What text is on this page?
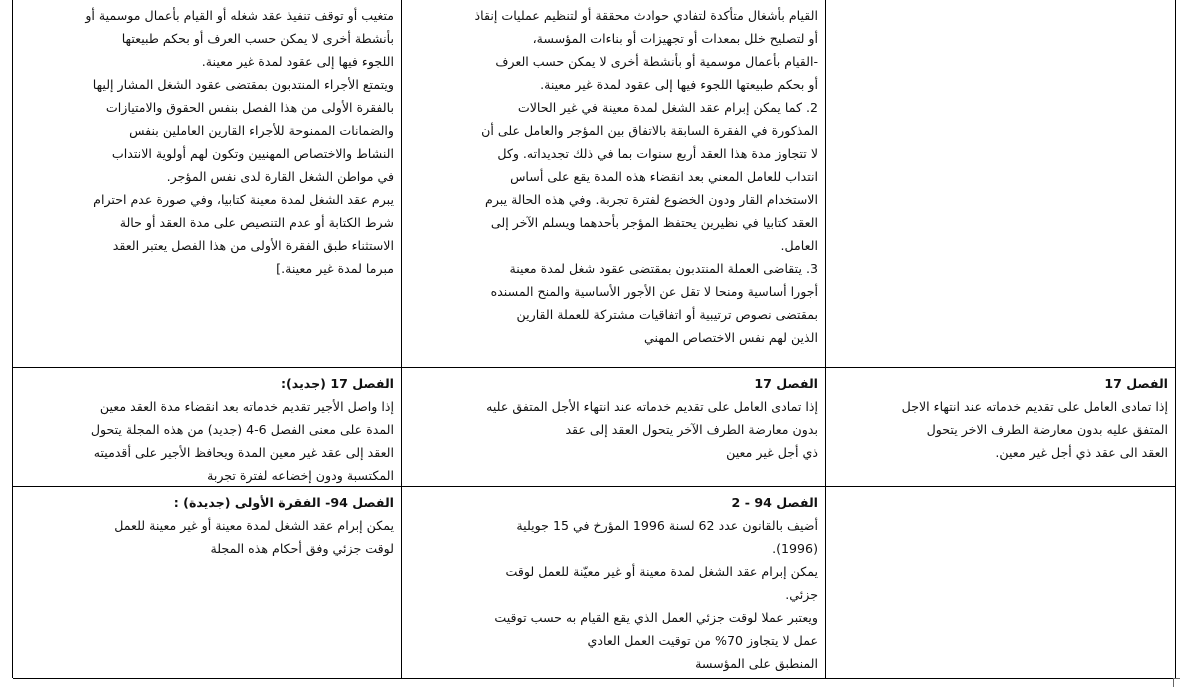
القيام بأشغال متأكدة لتفادي حوادث محققة أو لتنظيم عمليات إنقاذ

أو لتصليح خلل بمعدات أو تجهيزات أو بناءات المؤسسة،

-القيام بأعمال موسمية أو بأنشطة أخرى لا يمكن حسب العرف

أو بحكم طبيعتها اللجوء فيها إلى عقود لمدة غير معينة.

2. كما يمكن إبرام عقد الشغل لمدة معينة في غير الحالات

المذكورة في الفقرة السابقة بالاتفاق بين المؤجر والعامل على أن

لا تتجاوز مدة هذا العقد أربع سنوات بما في ذلك تجديداته. وكل

انتداب للعامل المعني بعد انقضاء هذه المدة يقع على أساس

الاستخدام القار ودون الخضوع لفترة تجربة. وفي هذه الحالة يبرم

العقد كتابيا في نظيرين يحتفظ المؤجر بأحدهما ويسلم الآخر إلى

العامل.

3. يتقاضى العملة المنتدبون بمقتضى عقود شغل لمدة معينة

أجورا أساسية ومنحا لا تقل عن الأجور الأساسية والمنح المسنده

بمقتضى نصوص ترتيبية أو اتفاقيات مشتركة للعملة القارين

الذين لهم نفس الاختصاص المهني

متغيب أو توقف تنفيذ عقد شغله أو القيام بأعمال موسمية أو

بأنشطة أخرى لا يمكن حسب العرف أو بحكم طبيعتها

اللجوء فيها إلى عقود لمدة غير معينة.

ويتمتع الأجراء المنتدبون بمقتضى عقود الشغل المشار إليها

بالفقرة الأولى من هذا الفصل بنفس الحقوق والامتيازات

والضمانات الممنوحة للأجراء القارين العاملين بنفس

النشاط والاختصاص المهنيين وتكون لهم أولوية الانتداب

في مواطن الشغل القارة لدى نفس المؤجر.

يبرم عقد الشغل لمدة معينة كتابيا، وفي صورة عدم احترام

شرط الكتابة أو عدم التنصيص على مدة العقد أو حالة

الاستثناء طبق الفقرة الأولى من هذا الفصل يعتبر العقد

مبرما لمدة غير معينة.]

الفصل 17

إذا تمادى العامل على تقديم خدماته عند انتهاء الاجل

المتفق عليه بدون معارضة الطرف الاخر يتحول

العقد الى عقد ذي أجل غير معين.

الفصل 17

إذا تمادى العامل على تقديم خدماته عند انتهاء الأجل المتفق عليه

بدون معارضة الطرف الآخر يتحول العقد إلى عقد

ذي أجل غير معين

الفصل 17 (جديد):

إذا واصل الأجير تقديم خدماته بعد انقضاء مدة العقد معين

المدة على معنى الفصل 6-4 (جديد) من هذه المجلة يتحول

العقد إلى عقد غير معين المدة ويحافظ الأجير على أقدميته

المكتسبة ودون إخضاعه لفترة تجربة

الفصل 94 - 2

أضيف بالقانون عدد 62 لسنة 1996 المؤرخ في 15 جويلية

(1996).

يمكن إبرام عقد الشغل لمدة معينة أو غير معيّنة للعمل لوقت

جزئي.

ويعتبر عملا لوقت جزئي العمل الذي يقع القيام به حسب توقيت

عمل لا يتجاوز 70% من توقيت العمل العادي

المنطبق على المؤسسة

الفصل 94- الفقرة الأولى (جديدة) :

يمكن إبرام عقد الشغل لمدة معينة أو غير معينة للعمل

لوقت جزئي وفق أحكام هذه المجلة
